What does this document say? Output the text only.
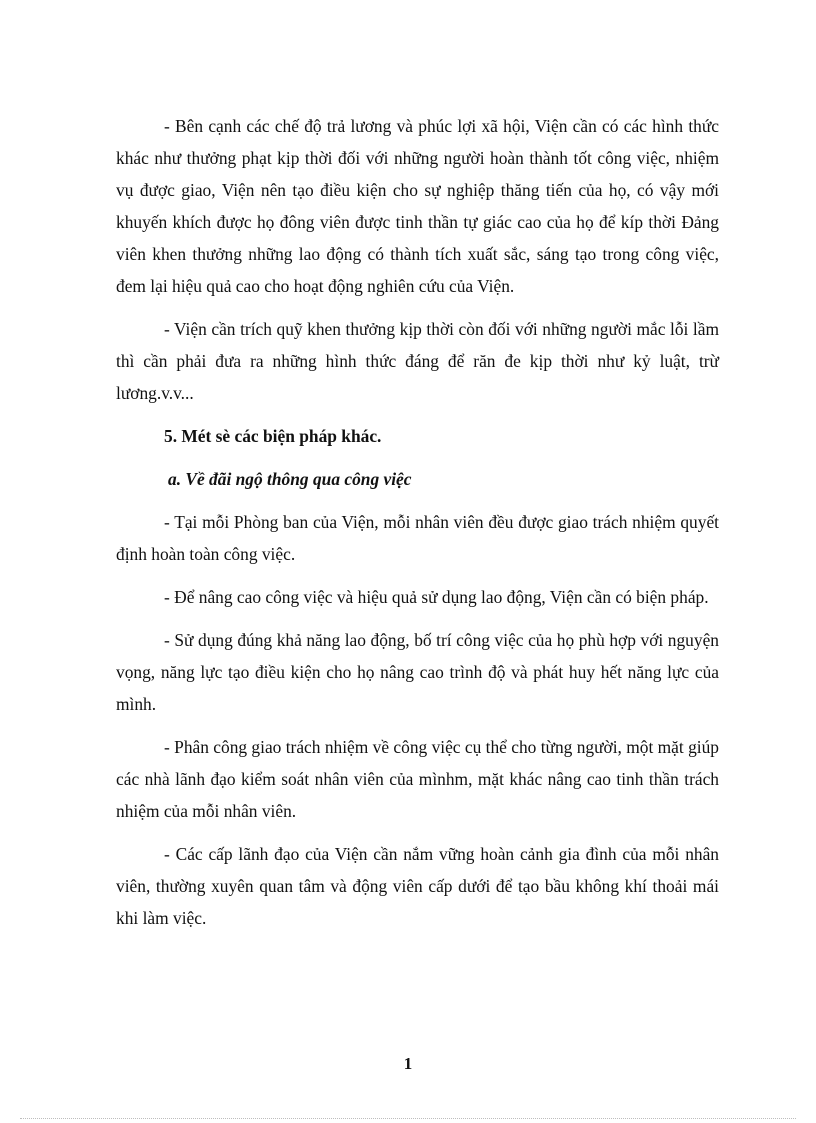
- Bên cạnh các chế độ trả lương và phúc lợi xã hội, Viện cần có các hình thức khác như thưởng phạt kịp thời đối với những người hoàn thành tốt công việc, nhiệm vụ được giao, Viện nên tạo điều kiện cho sự nghiệp thăng tiến của họ, có vậy mới khuyến khích được họ đông viên được tinh thần tự giác cao của họ để kíp thời Đảng viên khen thưởng những lao động có thành tích xuất sắc, sáng tạo trong công việc, đem lại hiệu quả cao cho hoạt động nghiên cứu của Viện.

- Viện cần trích quỹ khen thưởng kịp thời còn đối với những người mắc lỗi lầm thì cần phải đưa ra những hình thức đáng để răn đe kịp thời như kỷ luật, trừ lương.v.v...

5. Mét sè các biện pháp khác.

a. Về đãi ngộ thông qua công việc

- Tại mỗi Phòng ban của Viện, mỗi nhân viên đều được giao trách nhiệm quyết định hoàn toàn công việc.

- Để nâng cao công việc và hiệu quả sử dụng lao động, Viện cần có biện pháp.

- Sử dụng đúng khả năng lao động, bố trí công việc của họ phù hợp với nguyện vọng, năng lực tạo điều kiện cho họ nâng cao trình độ và phát huy hết năng lực của mình.

- Phân công giao trách nhiệm về công việc cụ thể cho từng người, một mặt giúp các nhà lãnh đạo kiểm soát nhân viên của mìnhm, mặt khác nâng cao tinh thần trách nhiệm của mỗi nhân viên.

- Các cấp lãnh đạo của Viện cần nắm vững hoàn cảnh gia đình của mỗi nhân viên, thường xuyên quan tâm và động viên cấp dưới để tạo bầu không khí thoải mái khi làm việc.

1
